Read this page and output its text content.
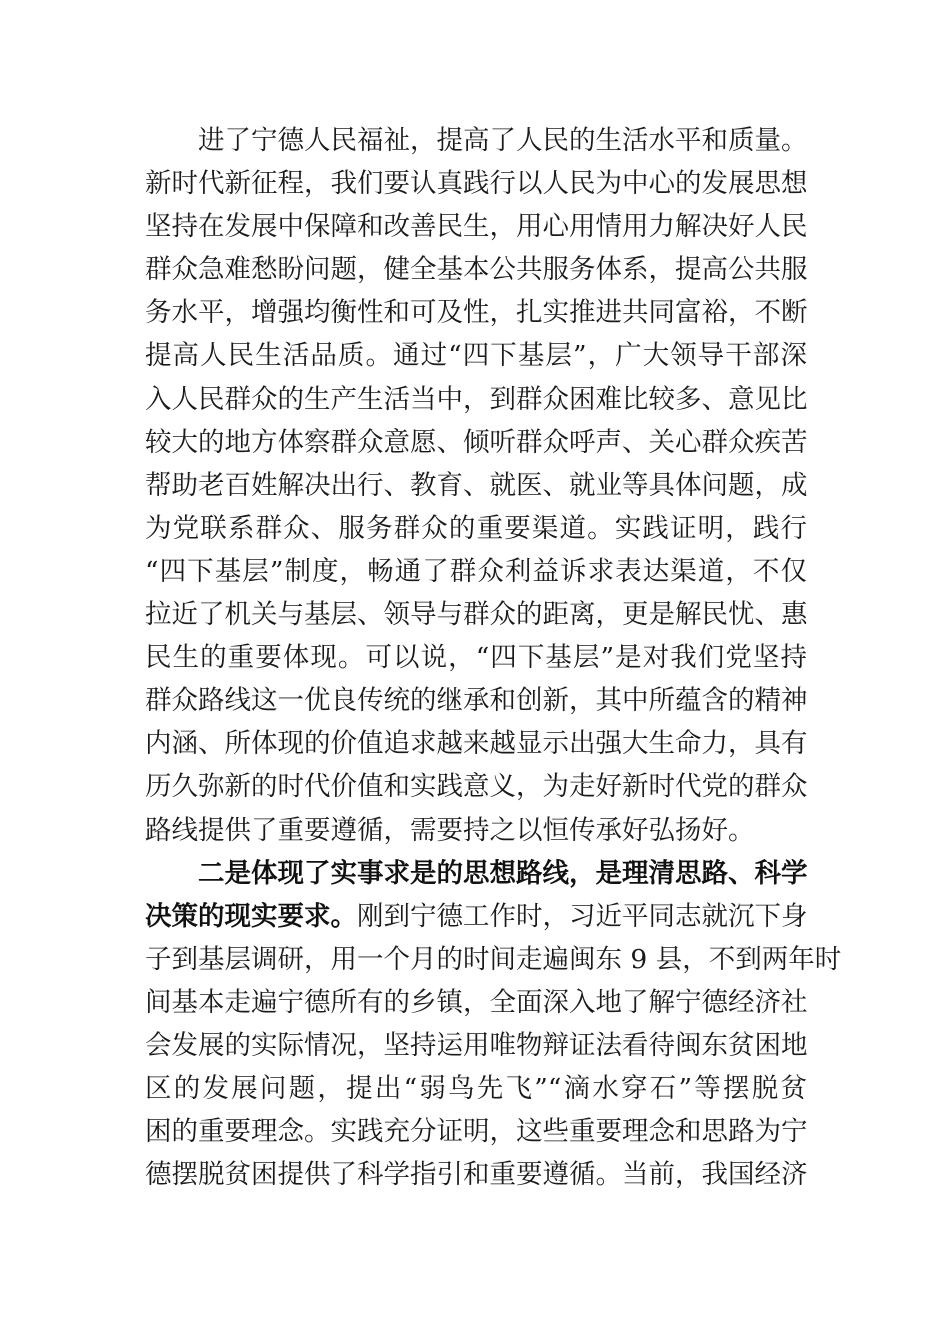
进了宁德人民福祉，提高了人民的生活水平和质量。
新时代新征程，我们要认真践行以人民为中心的发展思想
坚持在发展中保障和改善民生，用心用情用力解决好人民
群众急难愁盼问题，健全基本公共服务体系，提高公共服
务水平，增强均衡性和可及性，扎实推进共同富裕，不断
提高人民生活品质。通过“四下基层”，广大领导干部深
入人民群众的生产生活当中，到群众困难比较多、意见比
较大的地方体察群众意愿、倾听群众呼声、关心群众疾苦
帮助老百姓解决出行、教育、就医、就业等具体问题，成
为党联系群众、服务群众的重要渠道。实践证明，践行
“四下基层”制度，畅通了群众利益诉求表达渠道，不仅
拉近了机关与基层、领导与群众的距离，更是解民忧、惠
民生的重要体现。可以说，“四下基层”是对我们党坚持
群众路线这一优良传统的继承和创新，其中所蕴含的精神
内涵、所体现的价值追求越来越显示出强大生命力，具有
历久弥新的时代价值和实践意义，为走好新时代党的群众
路线提供了重要遵循，需要持之以恒传承好弘扬好。
二是体现了实事求是的思想路线，是理清思路、科学
决策的现实要求。刚到宁德工作时，习近平同志就沉下身
子到基层调研，用一个月的时间走遍闽东 9 县，不到两年时
间基本走遍宁德所有的乡镇，全面深入地了解宁德经济社
会发展的实际情况，坚持运用唯物辩证法看待闽东贫困地
区的发展问题，提出“弱鸟先飞”“滴水穿石”等摆脱贫
困的重要理念。实践充分证明，这些重要理念和思路为宁
德摆脱贫困提供了科学指引和重要遵循。当前，我国经济
